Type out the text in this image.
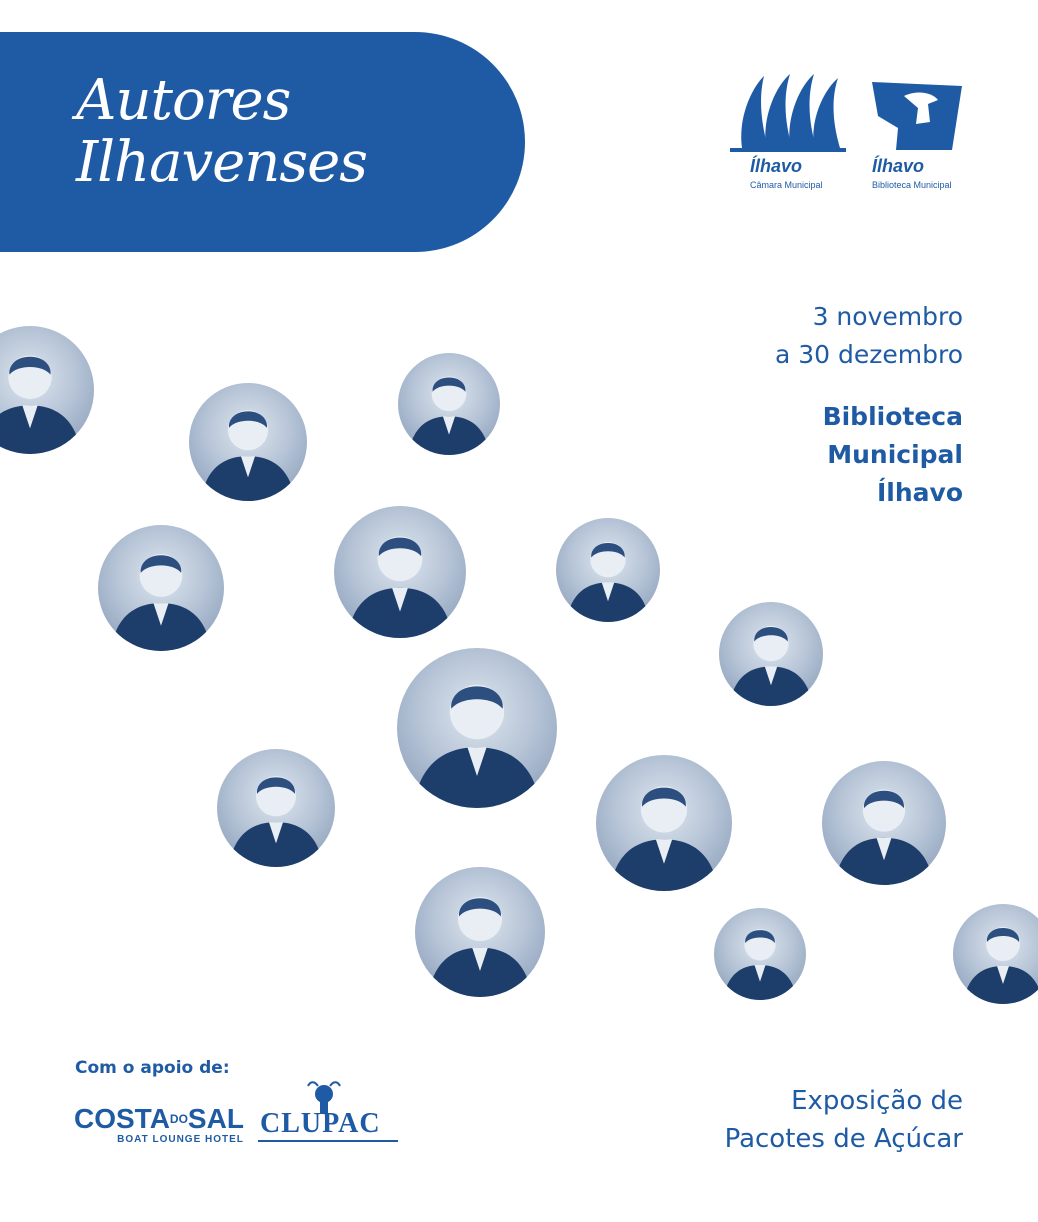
Autores
Ilhavenses	Ílhavo
Câmara Municipal
Ílhavo
Biblioteca Municipal
3 novembro
a 30 dezembro
Biblioteca
Municipal
Ílhavo
Com o apoio de:
$COSTA^{DO}SAL$
BOAT LOUNGE HOTEL
CLUPAC
Exposição de
Pacotes de Açúcar
